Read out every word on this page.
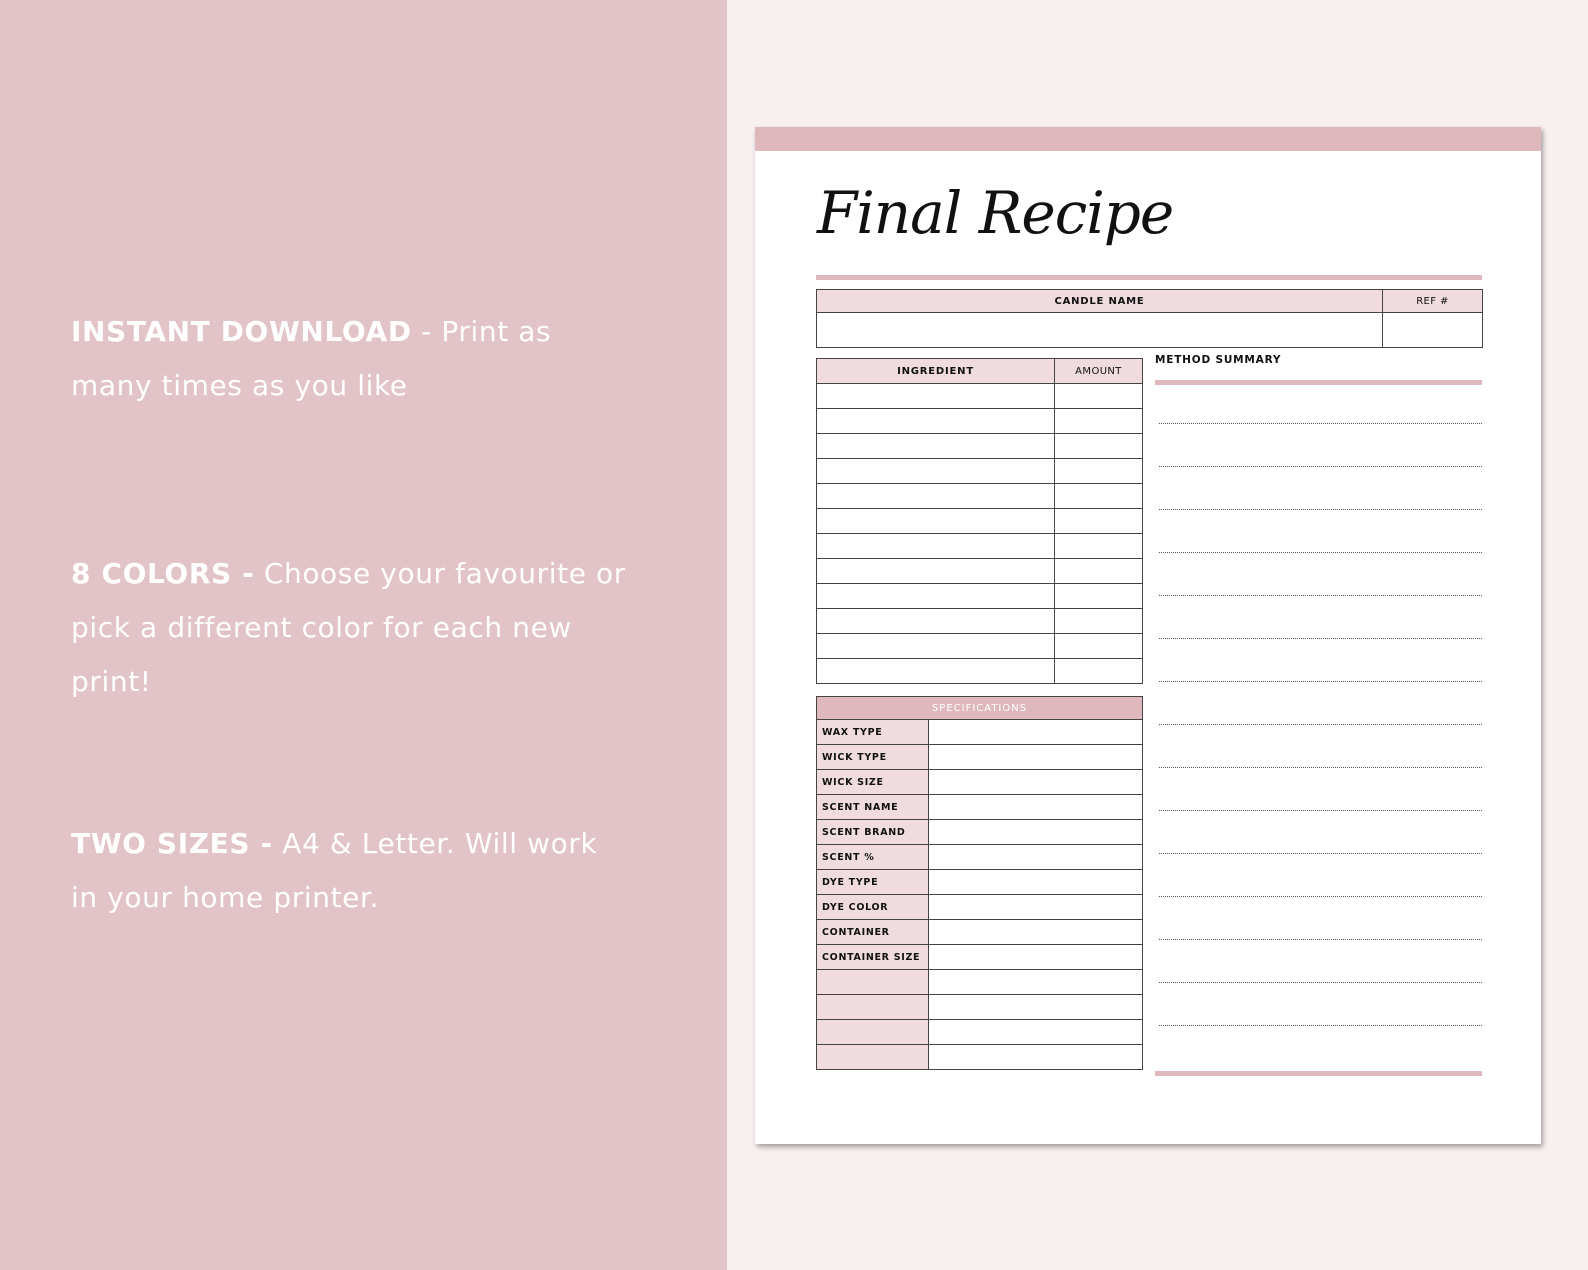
INSTANT DOWNLOAD - Print as many times as you like
8 COLORS - Choose your favourite or pick a different color for each new print!
TWO SIZES - A4 & Letter. Will work in your home printer.
Final Recipe
CANDLE NAME	REF #

INGREDIENT	AMOUNT

SPECIFICATIONS	
WAX TYPE	
WICK TYPE	
WICK SIZE	
SCENT NAME	
SCENT BRAND	
SCENT %	
DYE TYPE	
DYE COLOR	
CONTAINER	
CONTAINER SIZE	

METHOD SUMMARY
